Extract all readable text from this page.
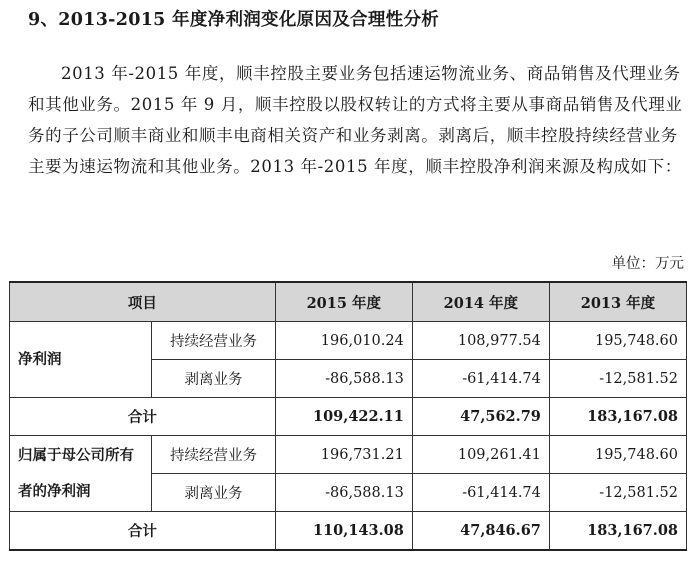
9、2013-2015 年度净利润变化原因及合理性分析
2013 年-2015 年度，顺丰控股主要业务包括速运物流业务、商品销售及代理业务和其他业务。2015 年 9 月，顺丰控股以股权转让的方式将主要从事商品销售及代理业务的子公司顺丰商业和顺丰电商相关资产和业务剥离。剥离后，顺丰控股持续经营业务主要为速运物流和其他业务。2013 年-2015 年度，顺丰控股净利润来源及构成如下：
单位：万元
项目		2015 年度	2014 年度	2013 年度
净利润	持续经营业务	196,010.24	108,977.54	195,748.60
	剥离业务	-86,588.13	-61,414.74	-12,581.52
合计		109,422.11	47,562.79	183,167.08
归属于母公司所有者的净利润	持续经营业务	196,731.21	109,261.41	195,748.60
	剥离业务	-86,588.13	-61,414.74	-12,581.52
合计		110,143.08	47,846.67	183,167.08
